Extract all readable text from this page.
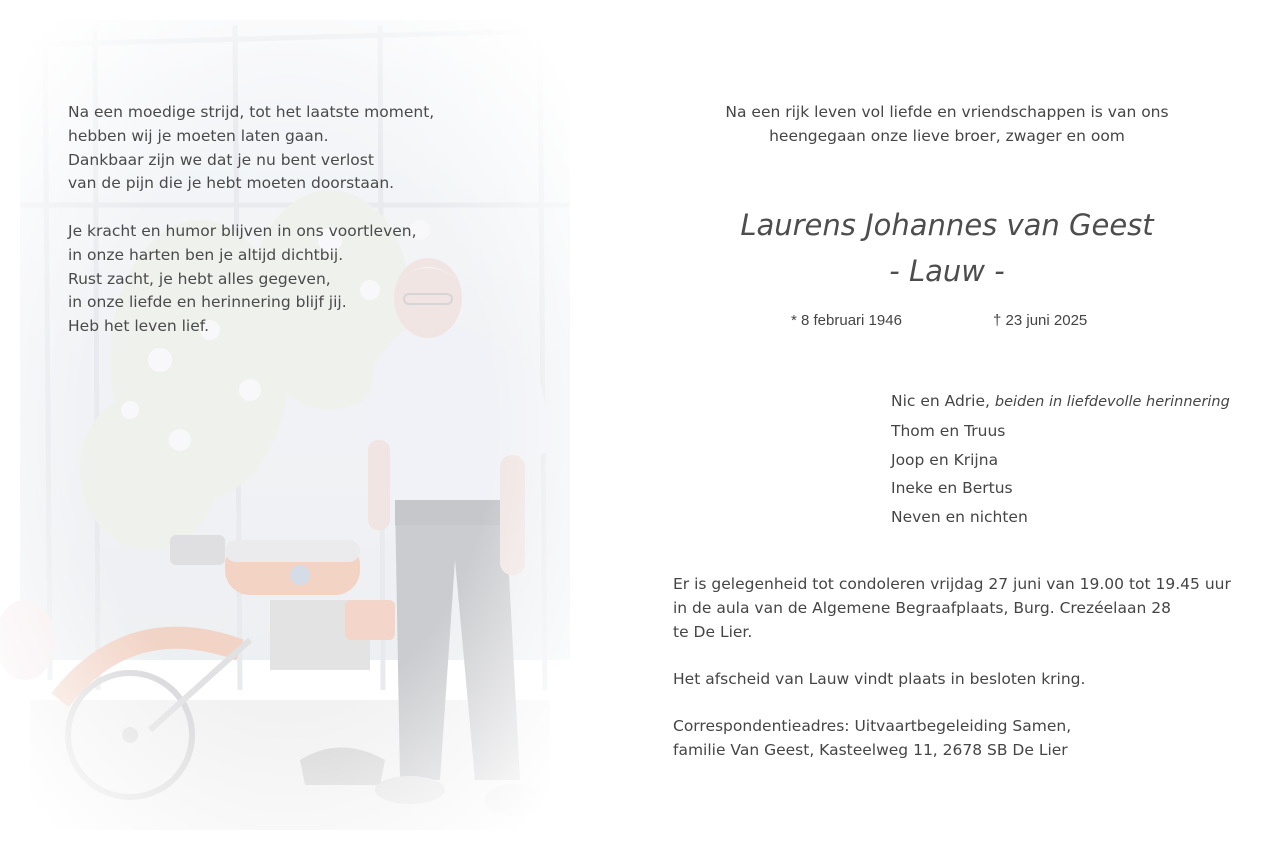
Na een moedige strijd, tot het laatste moment,
hebben wij je moeten laten gaan.
Dankbaar zijn we dat je nu bent verlost
van de pijn die je hebt moeten doorstaan.

Je kracht en humor blijven in ons voortleven,
in onze harten ben je altijd dichtbij.
Rust zacht, je hebt alles gegeven,
in onze liefde en herinnering blijf jij.
Heb het leven lief.

Na een rijk leven vol liefde en vriendschappen is van ons
heengegaan onze lieve broer, zwager en oom
Laurens Johannes van Geest
- Lauw -
* 8 februari 1946	† 23 juni 2025
Nic en Adrie, beiden in liefdevolle herinnering
Thom en Truus
Joop en Krijna
Ineke en Bertus
Neven en nichten

Er is gelegenheid tot condoleren vrijdag 27 juni van 19.00 tot 19.45 uur
in de aula van de Algemene Begraafplaats, Burg. Crezéelaan 28
te De Lier.

Het afscheid van Lauw vindt plaats in besloten kring.

Correspondentieadres: Uitvaartbegeleiding Samen,
familie Van Geest, Kasteelweg 11, 2678 SB De Lier
